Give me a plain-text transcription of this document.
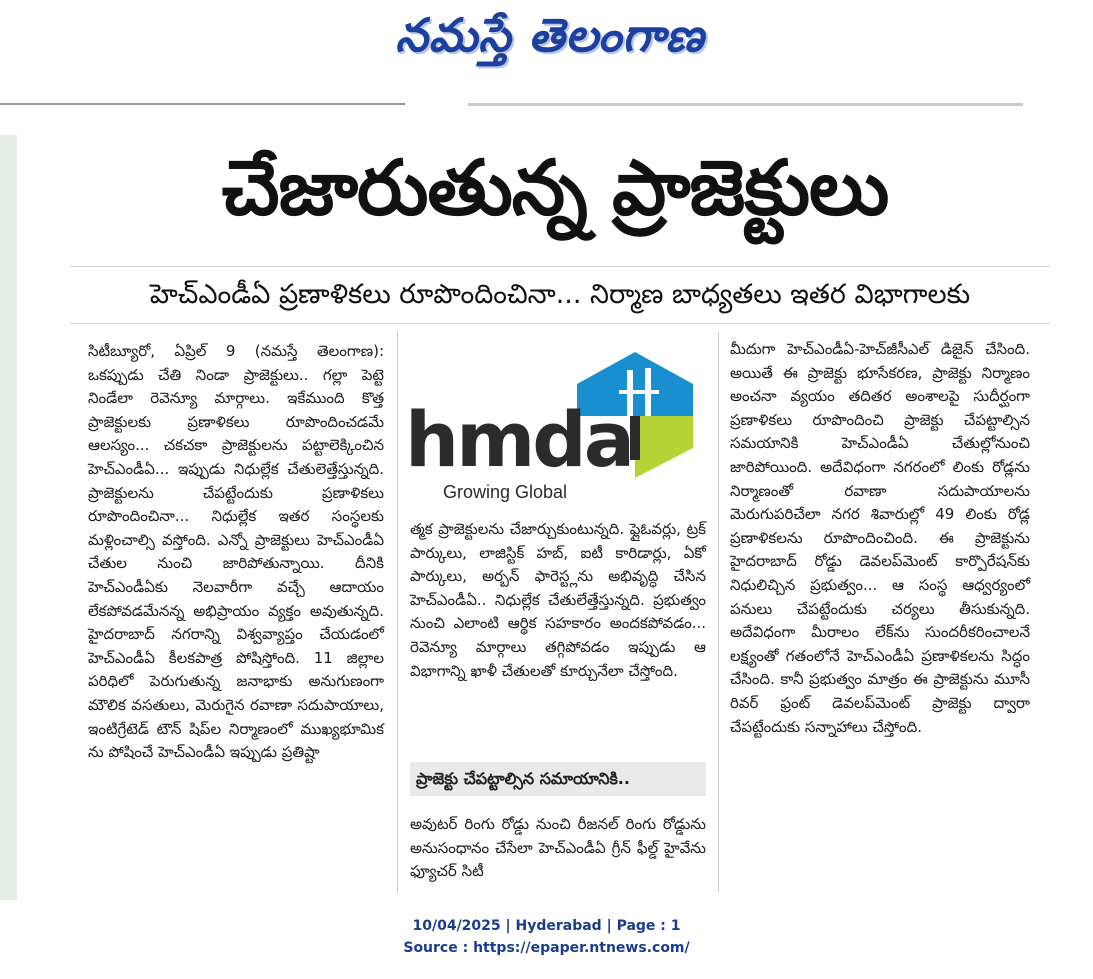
నమస్తే తెలంగాణ
చేజారుతున్న ప్రాజెక్టులు
హెచ్‌ఎండీఏ ప్రణాళికలు రూపొందించినా... నిర్మాణ బాధ్యతలు ఇతర విభాగాలకు

సిటీబ్యూరో, ఏప్రిల్ 9 (నమస్తే తెలంగాణ): ఒకప్పుడు చేతి నిండా ప్రాజెక్టులు.. గల్లా పెట్టె నిండేలా రెవెన్యూ మార్గాలు. ఇకేముంది కొత్త ప్రాజెక్టులకు ప్రణాళికలు రూపొందించడమే ఆలస్యం... చకచకా ప్రాజెక్టులను పట్టాలెక్కించిన హెచ్‌ఎండీఏ... ఇప్పుడు నిధుల్లేక చేతులెత్తేస్తున్నది. ప్రాజెక్టులను చేపట్టేందుకు ప్రణాళికలు రూపొందించినా... నిధుల్లేక ఇతర సంస్థలకు మళ్లించాల్సి వస్తోంది. ఎన్నో ప్రాజెక్టులు హెచ్‌ఎండీఏ చేతుల నుంచి జారిపోతున్నాయి. దీనికి హెచ్‌ఎండీఏకు నెలవారీగా వచ్చే ఆదాయం లేకపోవడమేనన్న అభిప్రాయం వ్యక్తం అవుతున్నది. హైదరాబాద్ నగరాన్ని విశ్వవ్యాప్తం చేయడంలో హెచ్‌ఎండీఏ కీలకపాత్ర పోషిస్తోంది. 11 జిల్లాల పరిధిలో పెరుగుతున్న జనాభాకు అనుగుణంగా మౌలిక వసతులు, మెరుగైన రవాణా సదుపాయాలు, ఇంటిగ్రేటెడ్ టౌన్ షిప్‌ల నిర్మాణంలో ముఖ్యభూమిక ను పోషించే హెచ్‌ఎండీఏ ఇప్పుడు ప్రతిష్టా

hmda
Growing Global

త్మక ప్రాజెక్టులను చేజార్చుకుంటున్నది. ఫ్లైఓవర్లు, ట్రక్ పార్కులు, లాజిస్టిక్ హబ్, ఐటీ కారిడార్లు, ఏకో పార్కులు, అర్బన్ ఫారెస్ట్లను అభివృద్ధి చేసిన హెచ్‌ఎండీఏ.. నిధుల్లేక చేతులేత్తేస్తున్నది. ప్రభుత్వం నుంచి ఎలాంటి ఆర్థిక సహకారం అందకపోవడం... రెవెన్యూ మార్గాలు తగ్గిపోవడం ఇప్పుడు ఆ విభాగాన్ని ఖాళీ చేతులతో కూర్చునేలా చేస్తోంది.

ప్రాజెక్టు చేపట్టాల్సిన సమాయానికి..

అవుటర్ రింగు రోడ్డు నుంచి రీజనల్ రింగు రోడ్డును అనుసంధానం చేసేలా హెచ్‌ఎండీఏ గ్రీన్ ఫీల్డ్ హైవేను ఫ్యూచర్ సిటీ

మీదుగా హెచ్‌ఎండీఏ-హెచ్‌జీసీఎల్ డిజైన్ చేసింది. అయితే ఈ ప్రాజెక్టు భూసేకరణ, ప్రాజెక్టు నిర్మాణం అంచనా వ్యయం తదితర అంశాలపై సుదీర్ఘంగా ప్రణాళికలు రూపొందించి ప్రాజెక్టు చేపట్టాల్సిన సమయానికి హెచ్‌ఎండీఏ చేతుల్లోనుంచి జారిపోయింది. అదేవిధంగా నగరంలో లింకు రోడ్లను నిర్మాణంతో రవాణా సదుపాయాలను మెరుగుపరిచేలా నగర శివారుల్లో 49 లింకు రోడ్ల ప్రణాళికలను రూపొందించింది. ఈ ప్రాజెక్టును హైదరాబాద్ రోడ్డు డెవలప్‌మెంట్ కార్పొరేషన్‌కు నిధులిచ్చిన ప్రభుత్వం... ఆ సంస్థ ఆధ్వర్యంలో పనులు చేపట్టేందుకు చర్యలు తీసుకున్నది. అదేవిధంగా మీరాలం లేక్‌ను సుందరీకరించాలనే లక్ష్యంతో గతంలోనే హెచ్‌ఎండీఏ ప్రణాళికలను సిద్ధం చేసింది. కానీ ప్రభుత్వం మాత్రం ఈ ప్రాజెక్టును మూసీ రివర్ ఫ్రంట్ డెవలప్‌మెంట్ ప్రాజెక్టు ద్వారా చేపట్టేందుకు సన్నాహాలు చేస్తోంది.

10/04/2025 | Hyderabad | Page : 1
Source : https://epaper.ntnews.com/
